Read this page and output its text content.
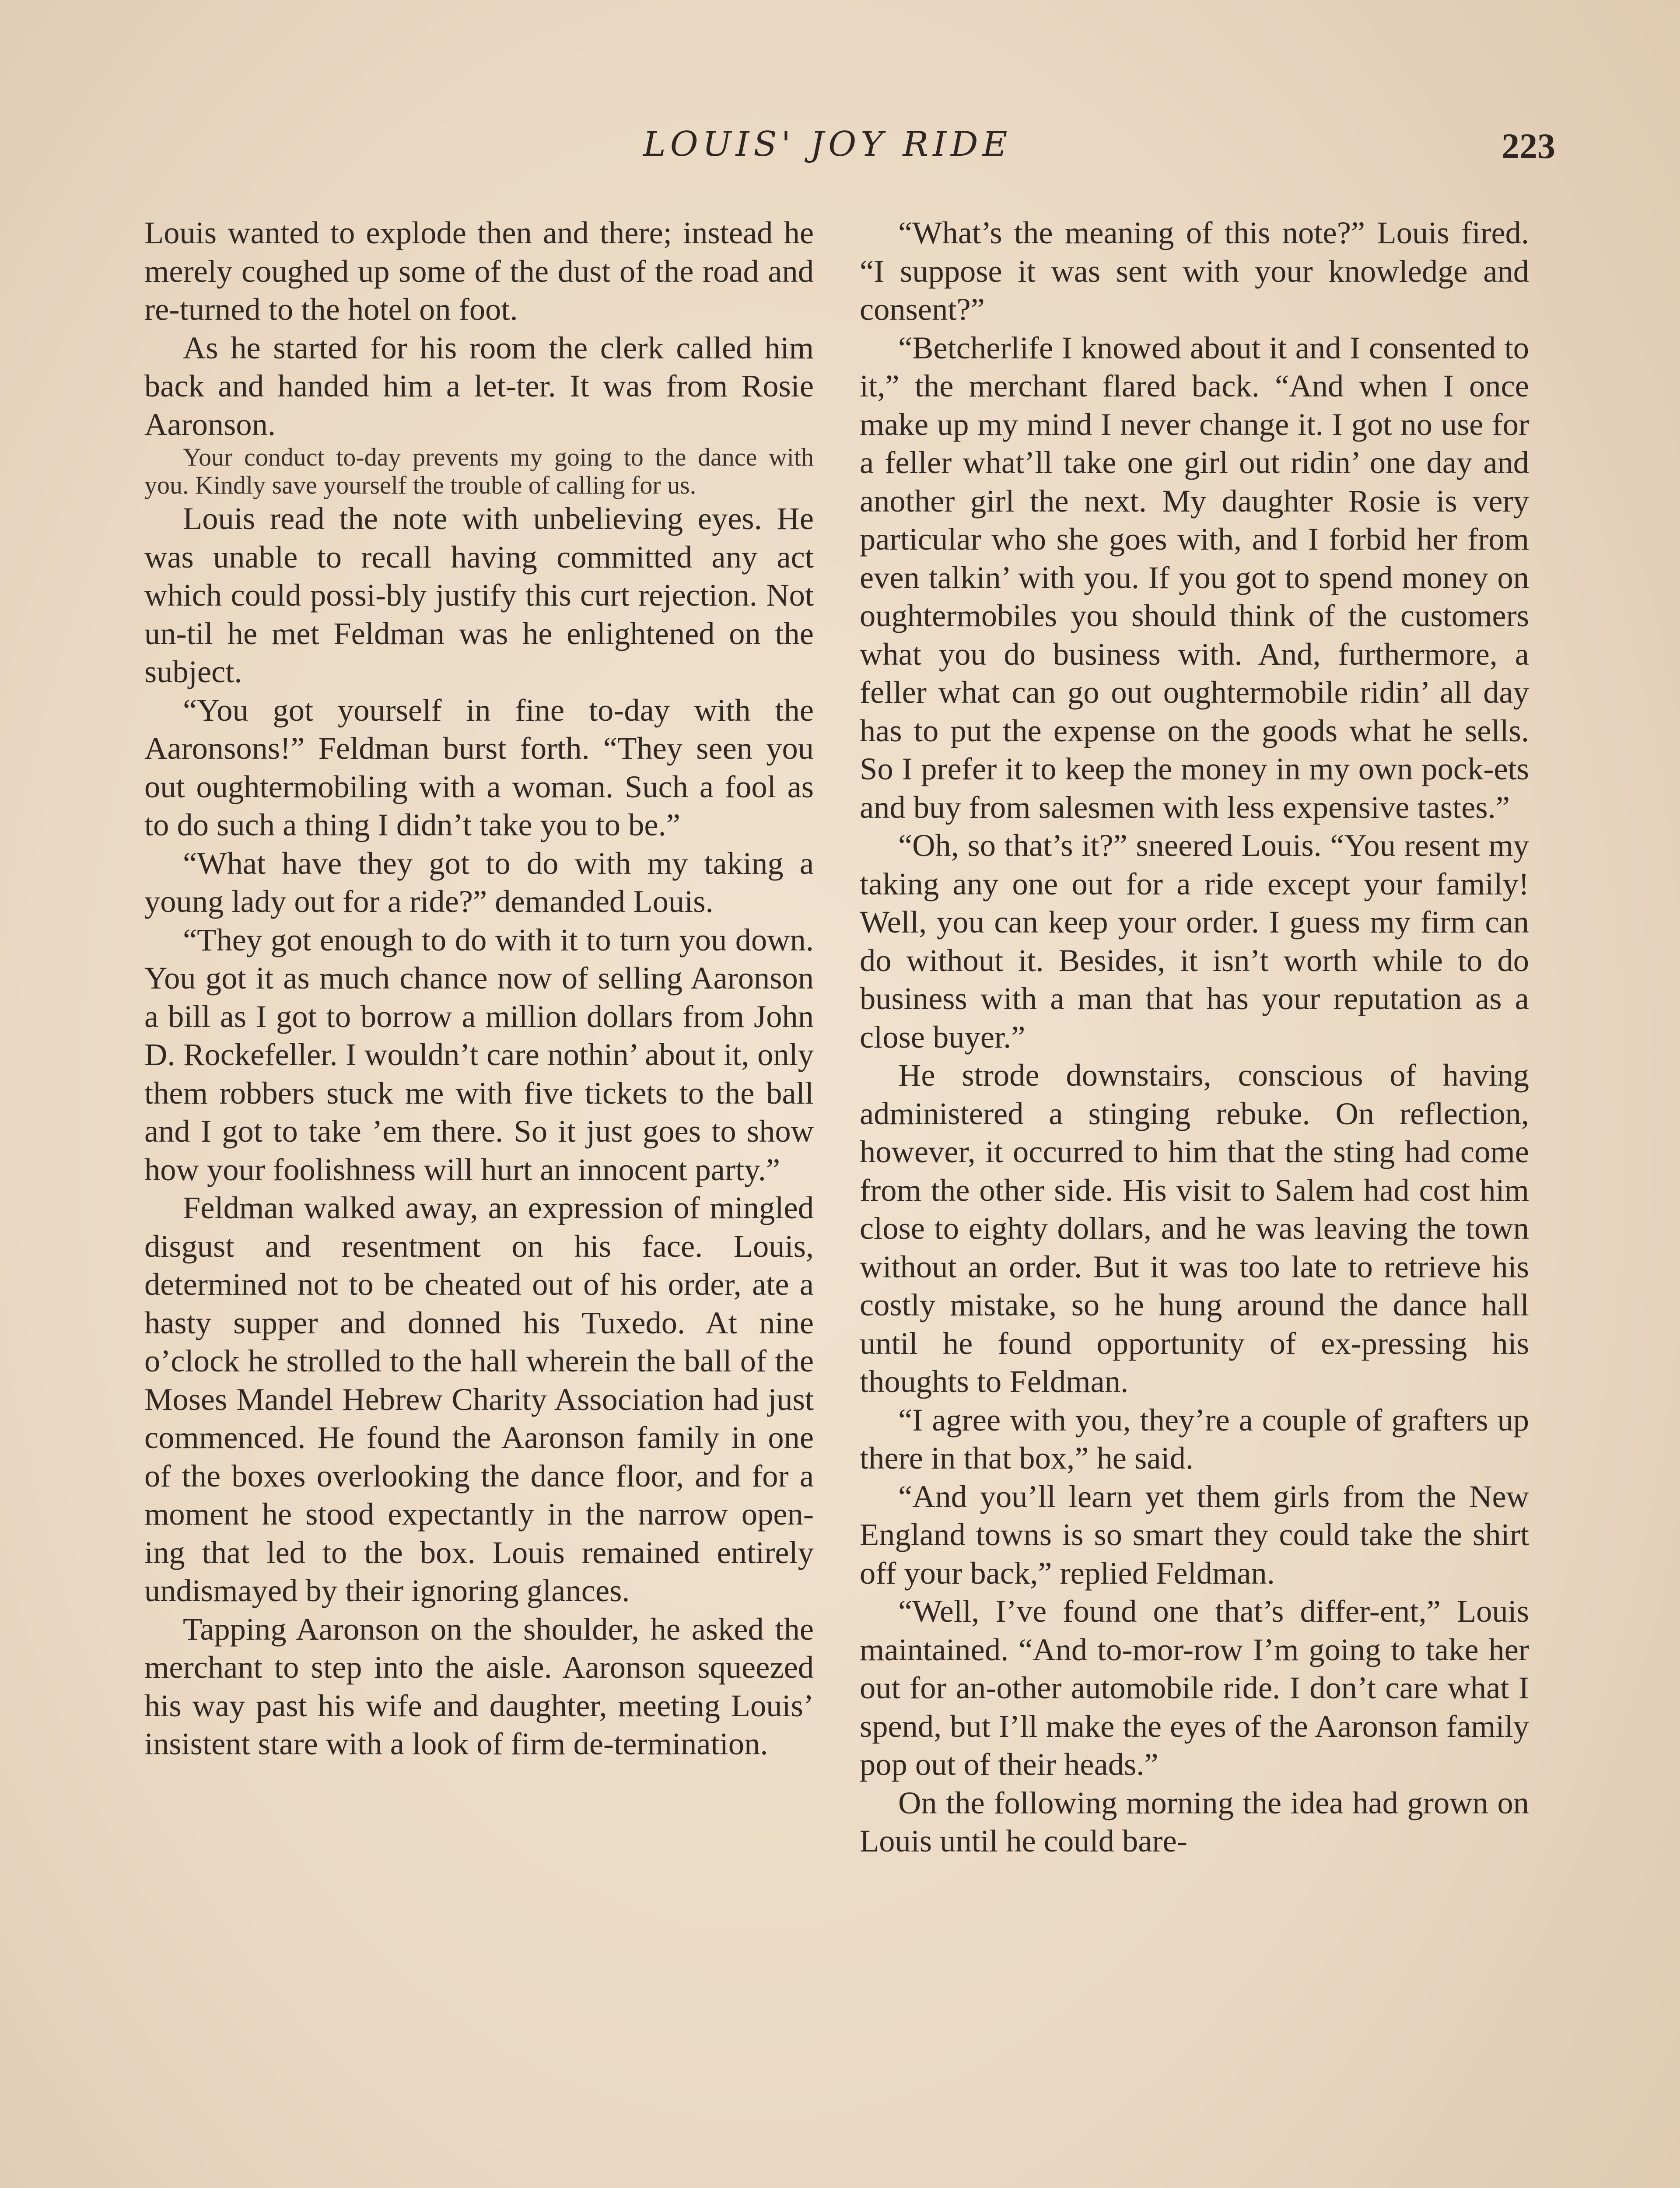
LOUIS' JOY RIDE	223

Louis wanted to explode then and there; instead he merely coughed up some of the dust of the road and re-turned to the hotel on foot.

As he started for his room the clerk called him back and handed him a let-ter. It was from Rosie Aaronson.

Your conduct to-day prevents my going to the dance with you. Kindly save yourself the trouble of calling for us.

Louis read the note with unbelieving eyes. He was unable to recall having committed any act which could possi-bly justify this curt rejection. Not un-til he met Feldman was he enlightened on the subject.

“You got yourself in fine to-day with the Aaronsons!” Feldman burst forth. “They seen you out oughtermobiling with a woman. Such a fool as to do such a thing I didn’t take you to be.”

“What have they got to do with my taking a young lady out for a ride?” demanded Louis.

“They got enough to do with it to turn you down. You got it as much chance now of selling Aaronson a bill as I got to borrow a million dollars from John D. Rockefeller. I wouldn’t care nothin’ about it, only them robbers stuck me with five tickets to the ball and I got to take ’em there. So it just goes to show how your foolishness will hurt an innocent party.”

Feldman walked away, an expression of mingled disgust and resentment on his face. Louis, determined not to be cheated out of his order, ate a hasty supper and donned his Tuxedo. At nine o’clock he strolled to the hall wherein the ball of the Moses Mandel Hebrew Charity Association had just commenced. He found the Aaronson family in one of the boxes overlooking the dance floor, and for a moment he stood expectantly in the narrow open-ing that led to the box. Louis remained entirely undismayed by their ignoring glances.

Tapping Aaronson on the shoulder, he asked the merchant to step into the aisle. Aaronson squeezed his way past his wife and daughter, meeting Louis’ insistent stare with a look of firm de-termination.

“What’s the meaning of this note?” Louis fired. “I suppose it was sent with your knowledge and consent?”

“Betcherlife I knowed about it and I consented to it,” the merchant flared back. “And when I once make up my mind I never change it. I got no use for a feller what’ll take one girl out ridin’ one day and another girl the next. My daughter Rosie is very particular who she goes with, and I forbid her from even talkin’ with you. If you got to spend money on oughtermobiles you should think of the customers what you do business with. And, furthermore, a feller what can go out oughtermobile ridin’ all day has to put the expense on the goods what he sells. So I prefer it to keep the money in my own pock-ets and buy from salesmen with less expensive tastes.”

“Oh, so that’s it?” sneered Louis. “You resent my taking any one out for a ride except your family! Well, you can keep your order. I guess my firm can do without it. Besides, it isn’t worth while to do business with a man that has your reputation as a close buyer.”

He strode downstairs, conscious of having administered a stinging rebuke. On reflection, however, it occurred to him that the sting had come from the other side. His visit to Salem had cost him close to eighty dollars, and he was leaving the town without an order. But it was too late to retrieve his costly mistake, so he hung around the dance hall until he found opportunity of ex-pressing his thoughts to Feldman.

“I agree with you, they’re a couple of grafters up there in that box,” he said.

“And you’ll learn yet them girls from the New England towns is so smart they could take the shirt off your back,” replied Feldman.

“Well, I’ve found one that’s differ-ent,” Louis maintained. “And to-mor-row I’m going to take her out for an-other automobile ride. I don’t care what I spend, but I’ll make the eyes of the Aaronson family pop out of their heads.”

On the following morning the idea had grown on Louis until he could bare-
